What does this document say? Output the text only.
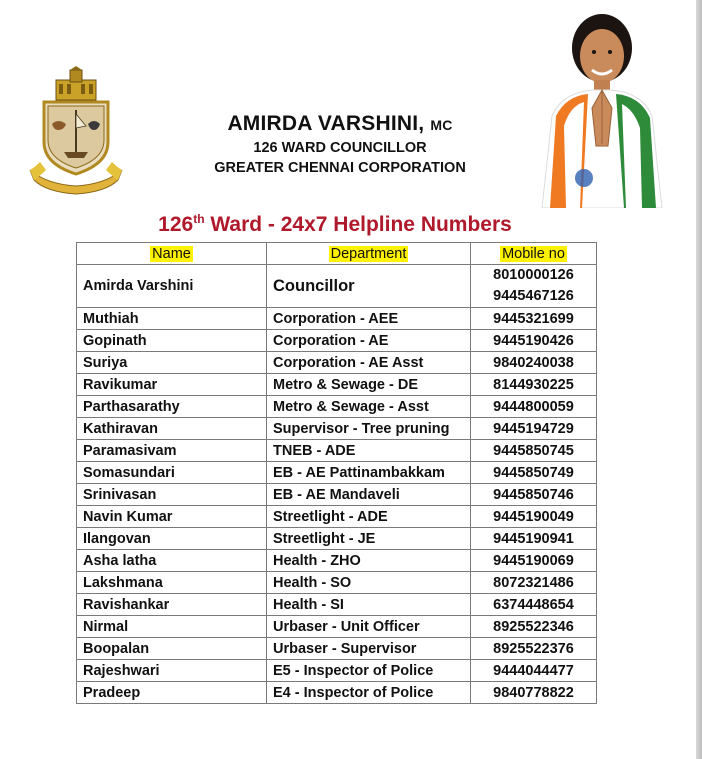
AMIRDA VARSHINI, MC
126 WARD COUNCILLOR
GREATER CHENNAI CORPORATION
126th Ward - 24x7 Helpline Numbers
Name	Department	Mobile no
Amirda Varshini	Councillor	8010000126
9445467126

Muthiah	Corporation - AEE	9445321699
Gopinath	Corporation - AE	9445190426
Suriya	Corporation - AE Asst	9840240038
Ravikumar	Metro & Sewage - DE	8144930225
Parthasarathy	Metro & Sewage - Asst	9444800059
Kathiravan	Supervisor - Tree pruning	9445194729
Paramasivam	TNEB - ADE	9445850745
Somasundari	EB - AE Pattinambakkam	9445850749
Srinivasan	EB - AE Mandaveli	9445850746
Navin Kumar	Streetlight - ADE	9445190049
Ilangovan	Streetlight - JE	9445190941
Asha latha	Health - ZHO	9445190069
Lakshmana	Health - SO	8072321486
Ravishankar	Health - SI	6374448654
Nirmal	Urbaser - Unit Officer	8925522346
Boopalan	Urbaser - Supervisor	8925522376
Rajeshwari	E5 - Inspector of Police	9444044477
Pradeep	E4 - Inspector of Police	9840778822
